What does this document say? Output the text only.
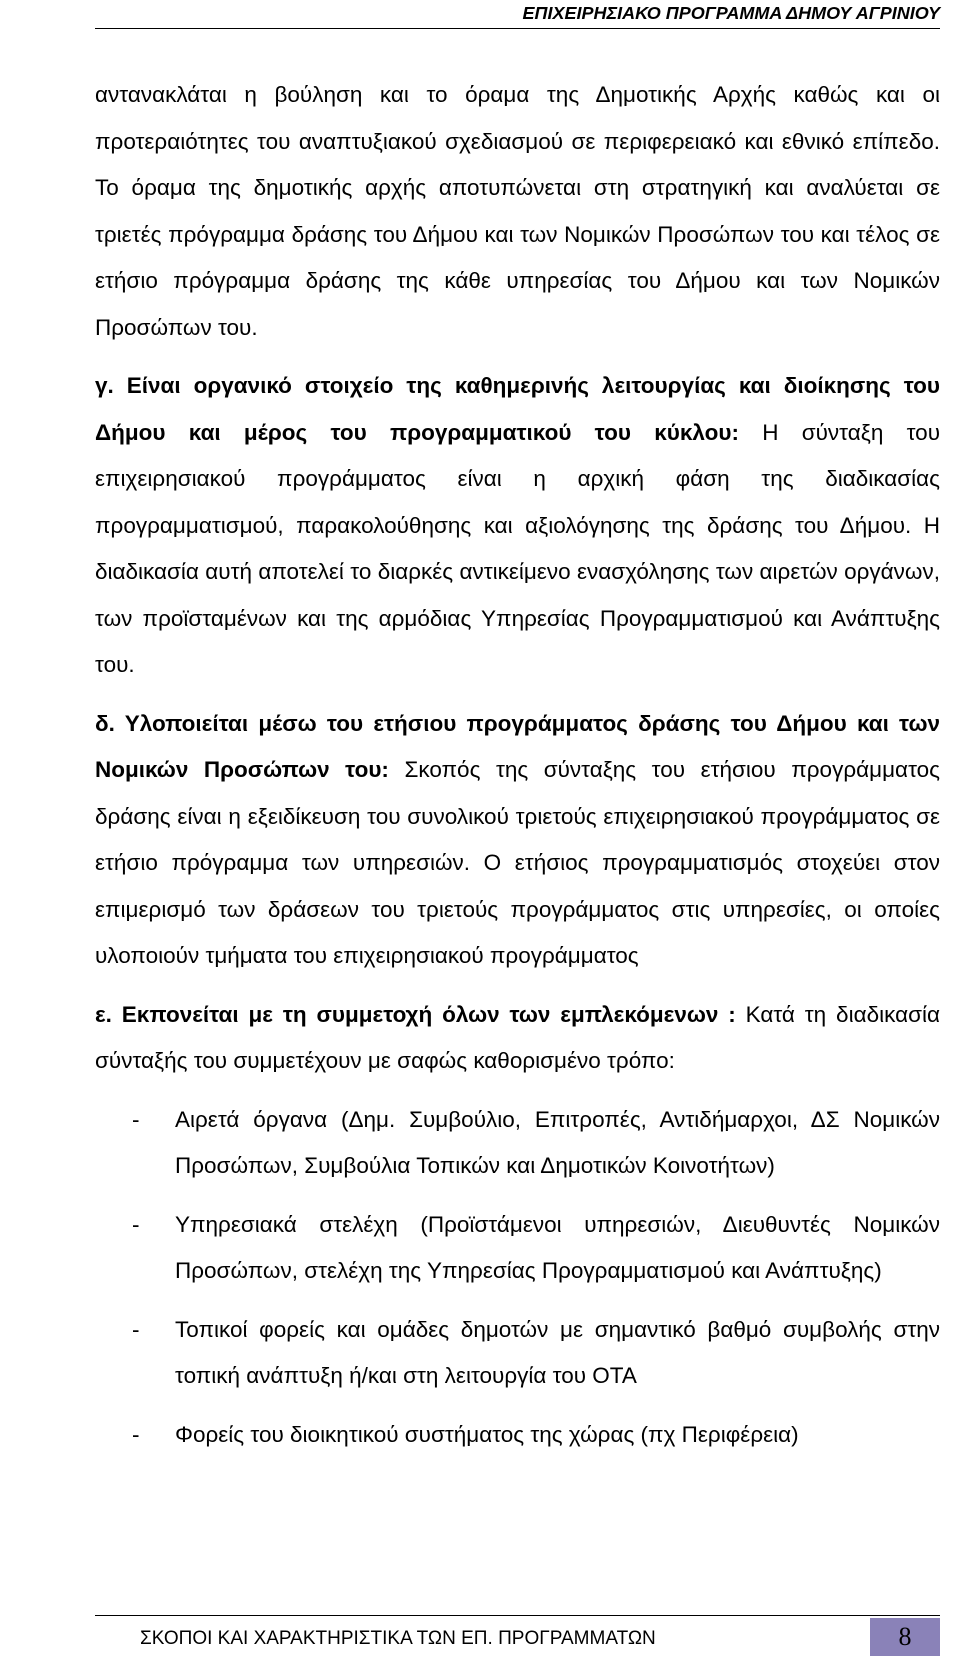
ΕΠΙΧΕΙΡΗΣΙΑΚΟ ΠΡΟΓΡΑΜΜΑ ΔΗΜΟΥ ΑΓΡΙΝΙΟΥ

αντανακλάται η βούληση και το όραμα της Δημοτικής Αρχής καθώς και οι προτεραιότητες του αναπτυξιακού σχεδιασμού σε περιφερειακό και εθνικό επίπεδο. Το όραμα της δημοτικής αρχής αποτυπώνεται στη στρατηγική και αναλύεται σε τριετές πρόγραμμα δράσης του Δήμου και των Νομικών Προσώπων του και τέλος σε ετήσιο πρόγραμμα δράσης της κάθε υπηρεσίας του Δήμου και των Νομικών Προσώπων του.

γ. Είναι οργανικό στοιχείο της καθημερινής λειτουργίας και διοίκησης του Δήμου και μέρος του προγραμματικού του κύκλου: Η σύνταξη του επιχειρησιακού προγράμματος είναι η αρχική φάση της διαδικασίας προγραμματισμού, παρακολούθησης και αξιολόγησης της δράσης του Δήμου. Η διαδικασία αυτή αποτελεί το διαρκές αντικείμενο ενασχόλησης των αιρετών οργάνων, των προϊσταμένων και της αρμόδιας Υπηρεσίας Προγραμματισμού και Ανάπτυξης του.

δ. Υλοποιείται μέσω του ετήσιου προγράμματος δράσης του Δήμου και των Νομικών Προσώπων του: Σκοπός της σύνταξης του ετήσιου προγράμματος δράσης είναι η εξειδίκευση του συνολικού τριετούς επιχειρησιακού προγράμματος σε ετήσιο πρόγραμμα των υπηρεσιών. Ο ετήσιος προγραμματισμός στοχεύει στον επιμερισμό των δράσεων του τριετούς προγράμματος στις υπηρεσίες, οι οποίες υλοποιούν τμήματα του επιχειρησιακού προγράμματος

ε. Εκπονείται με τη συμμετοχή όλων των εμπλεκόμενων : Κατά τη διαδικασία σύνταξής του συμμετέχουν με σαφώς καθορισμένο τρόπο:

- Αιρετά όργανα (Δημ. Συμβούλιο, Επιτροπές, Αντιδήμαρχοι, ΔΣ Νομικών Προσώπων, Συμβούλια Τοπικών και Δημοτικών Κοινοτήτων)
- Υπηρεσιακά στελέχη (Προϊστάμενοι υπηρεσιών, Διευθυντές Νομικών Προσώπων, στελέχη της Υπηρεσίας Προγραμματισμού και Ανάπτυξης)
- Τοπικοί φορείς και ομάδες δημοτών με σημαντικό βαθμό συμβολής στην τοπική ανάπτυξη ή/και στη λειτουργία του ΟΤΑ
- Φορείς του διοικητικού συστήματος της χώρας (πχ Περιφέρεια)
ΣΚΟΠΟΙ ΚΑΙ ΧΑΡΑΚΤΗΡΙΣΤΙΚΑ ΤΩΝ ΕΠ. ΠΡΟΓΡΑΜΜΑΤΩΝ	8
